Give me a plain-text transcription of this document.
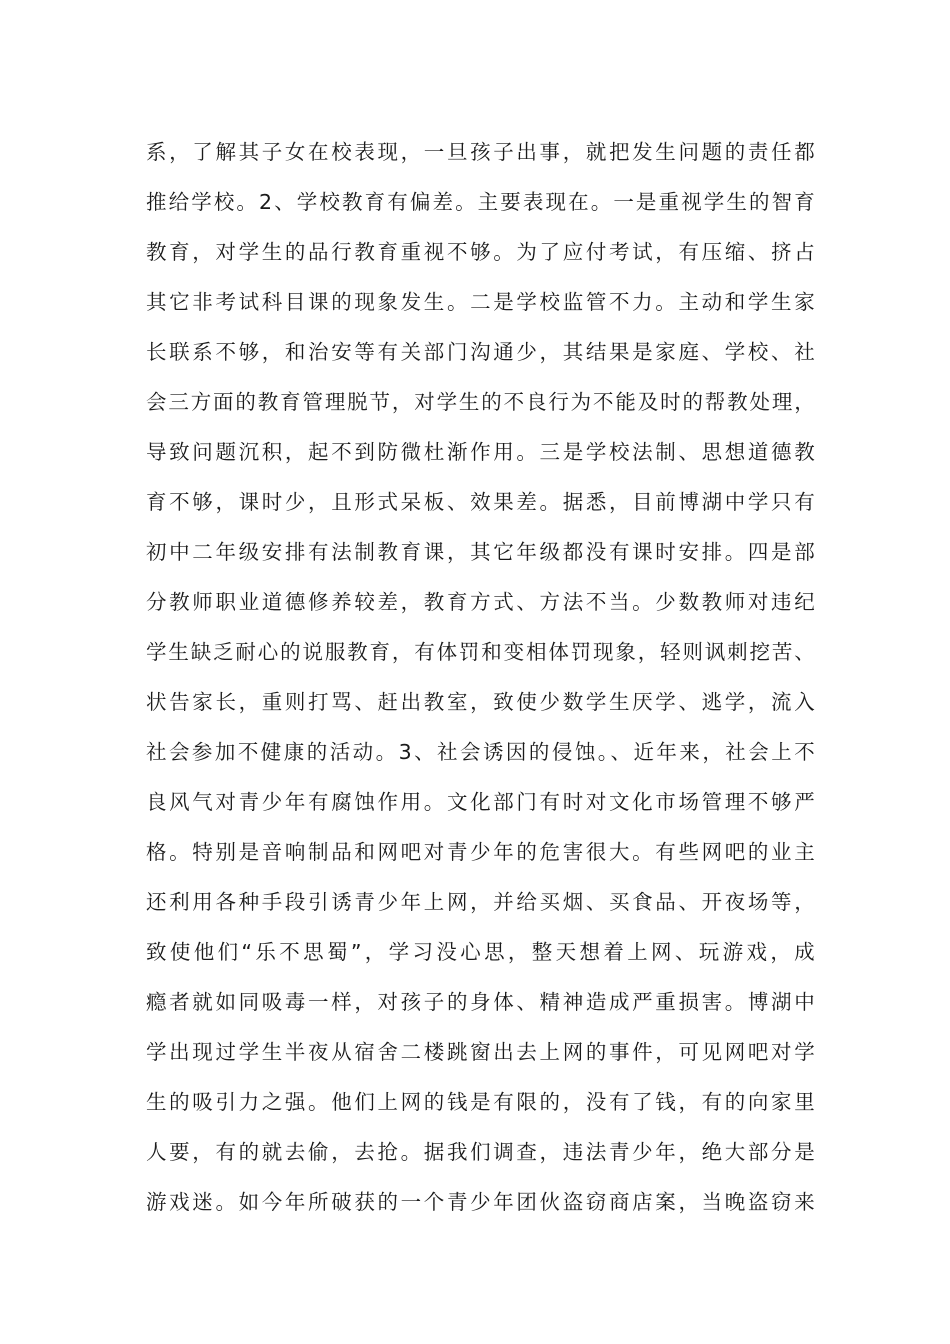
系，了解其子女在校表现，一旦孩子出事，就把发生问题的责任都
推给学校。2、学校教育有偏差。主要表现在。一是重视学生的智育
教育，对学生的品行教育重视不够。为了应付考试，有压缩、挤占
其它非考试科目课的现象发生。二是学校监管不力。主动和学生家
长联系不够，和治安等有关部门沟通少，其结果是家庭、学校、社
会三方面的教育管理脱节，对学生的不良行为不能及时的帮教处理，
导致问题沉积，起不到防微杜渐作用。三是学校法制、思想道德教
育不够，课时少，且形式呆板、效果差。据悉，目前博湖中学只有
初中二年级安排有法制教育课，其它年级都没有课时安排。四是部
分教师职业道德修养较差，教育方式、方法不当。少数教师对违纪
学生缺乏耐心的说服教育，有体罚和变相体罚现象，轻则讽刺挖苦、
状告家长，重则打骂、赶出教室，致使少数学生厌学、逃学，流入
社会参加不健康的活动。3、社会诱因的侵蚀。、近年来，社会上不
良风气对青少年有腐蚀作用。文化部门有时对文化市场管理不够严
格。特别是音响制品和网吧对青少年的危害很大。有些网吧的业主
还利用各种手段引诱青少年上网，并给买烟、买食品、开夜场等，
致使他们“乐不思蜀”，学习没心思，整天想着上网、玩游戏，成
瘾者就如同吸毒一样，对孩子的身体、精神造成严重损害。博湖中
学出现过学生半夜从宿舍二楼跳窗出去上网的事件，可见网吧对学
生的吸引力之强。他们上网的钱是有限的，没有了钱，有的向家里
人要，有的就去偷，去抢。据我们调查，违法青少年，绝大部分是
游戏迷。如今年所破获的一个青少年团伙盗窃商店案，当晚盗窃来
